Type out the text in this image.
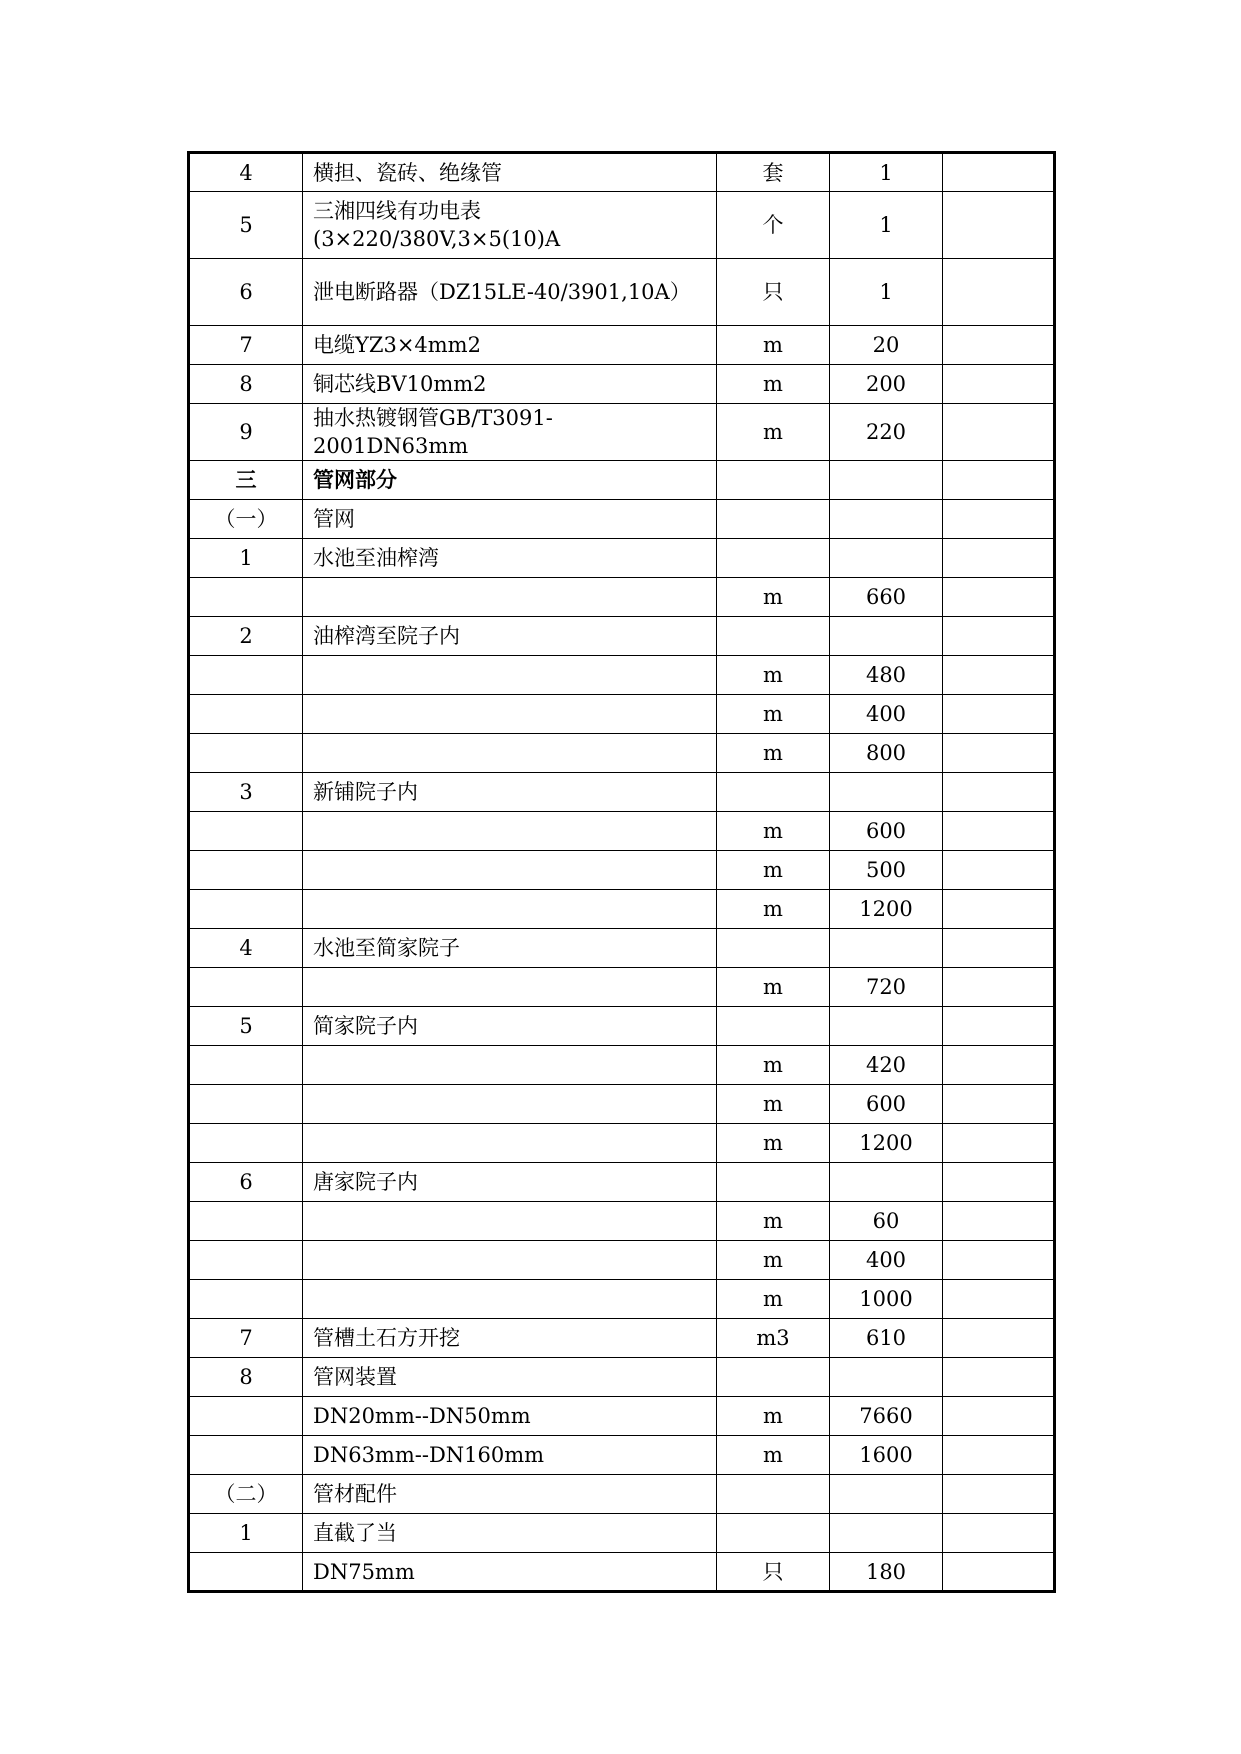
4	横担、瓷砖、绝缘管	套	1	
5	三湘四线有功电表(3×220/380V,3×5(10)A	个	1	
6	泄电断路器（DZ15LE-40/3901,10A）	只	1	
7	电缆YZ3×4mm2	m	20	
8	铜芯线BV10mm2	m	200	
9	抽水热镀钢管GB/T3091-2001DN63mm	m	220	
三	管网部分			
（一）	管网			
1	水池至油榨湾			
		m	660	
2	油榨湾至院子内			
		m	480	
		m	400	
		m	800	
3	新铺院子内			
		m	600	
		m	500	
		m	1200	
4	水池至简家院子			
		m	720	
5	简家院子内			
		m	420	
		m	600	
		m	1200	
6	唐家院子内			
		m	60	
		m	400	
		m	1000	
7	管槽土石方开挖	m3	610	
8	管网装置			
	DN20mm--DN50mm	m	7660	
	DN63mm--DN160mm	m	1600	
（二）	管材配件			
1	直截了当			
	DN75mm	只	180	
